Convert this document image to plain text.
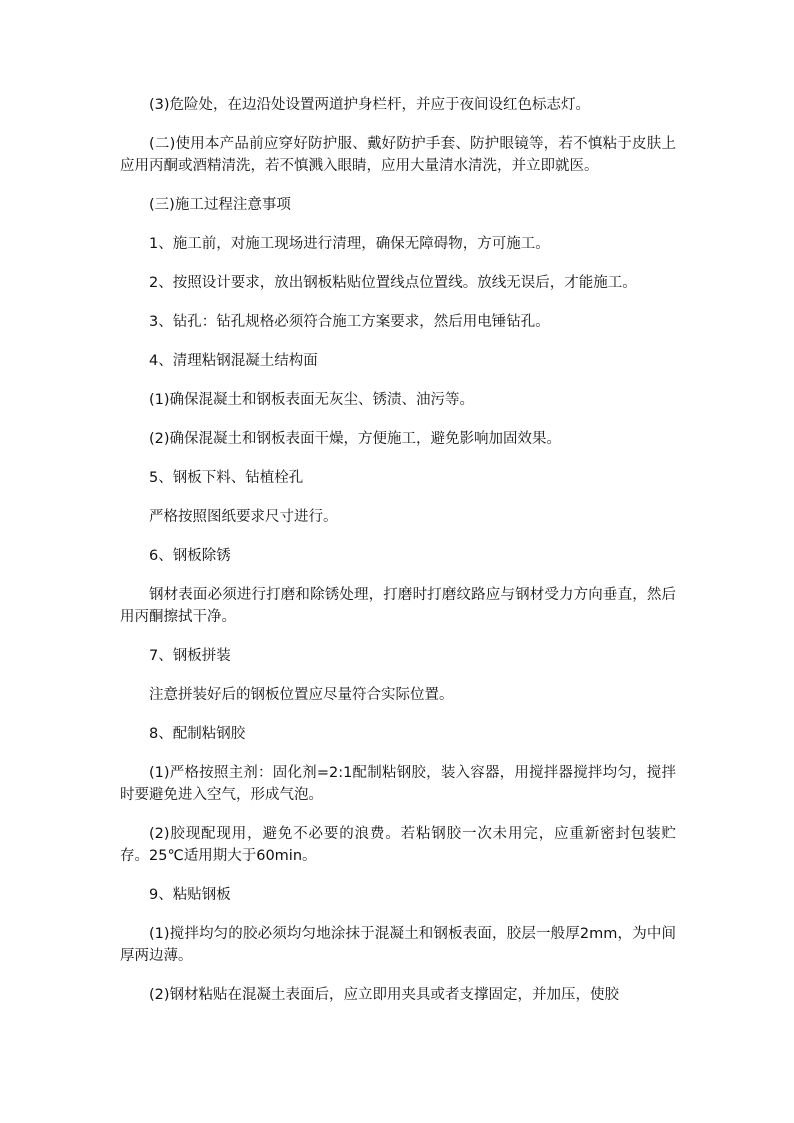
(3)危险处，在边沿处设置两道护身栏杆，并应于夜间设红色标志灯。

(二)使用本产品前应穿好防护服、戴好防护手套、防护眼镜等，若不慎粘于皮肤上应用丙酮或酒精清洗，若不慎溅入眼睛，应用大量清水清洗，并立即就医。

(三)施工过程注意事项

1、施工前，对施工现场进行清理，确保无障碍物，方可施工。

2、按照设计要求，放出钢板粘贴位置线点位置线。放线无误后，才能施工。

3、钻孔：钻孔规格必须符合施工方案要求，然后用电锤钻孔。

4、清理粘钢混凝土结构面

(1)确保混凝土和钢板表面无灰尘、锈渍、油污等。

(2)确保混凝土和钢板表面干燥，方便施工，避免影响加固效果。

5、钢板下料、钻植栓孔

严格按照图纸要求尺寸进行。

6、钢板除锈

钢材表面必须进行打磨和除锈处理，打磨时打磨纹路应与钢材受力方向垂直，然后用丙酮擦拭干净。

7、钢板拼装

注意拼装好后的钢板位置应尽量符合实际位置。

8、配制粘钢胶

(1)严格按照主剂：固化剂=2:1配制粘钢胶，装入容器，用搅拌器搅拌均匀，搅拌时要避免进入空气，形成气泡。

(2)胶现配现用，避免不必要的浪费。若粘钢胶一次未用完，应重新密封包装贮存。25℃适用期大于60min。

9、粘贴钢板

(1)搅拌均匀的胶必须均匀地涂抹于混凝土和钢板表面，胶层一般厚2mm，为中间厚两边薄。

(2)钢材粘贴在混凝土表面后，应立即用夹具或者支撑固定，并加压，使胶
